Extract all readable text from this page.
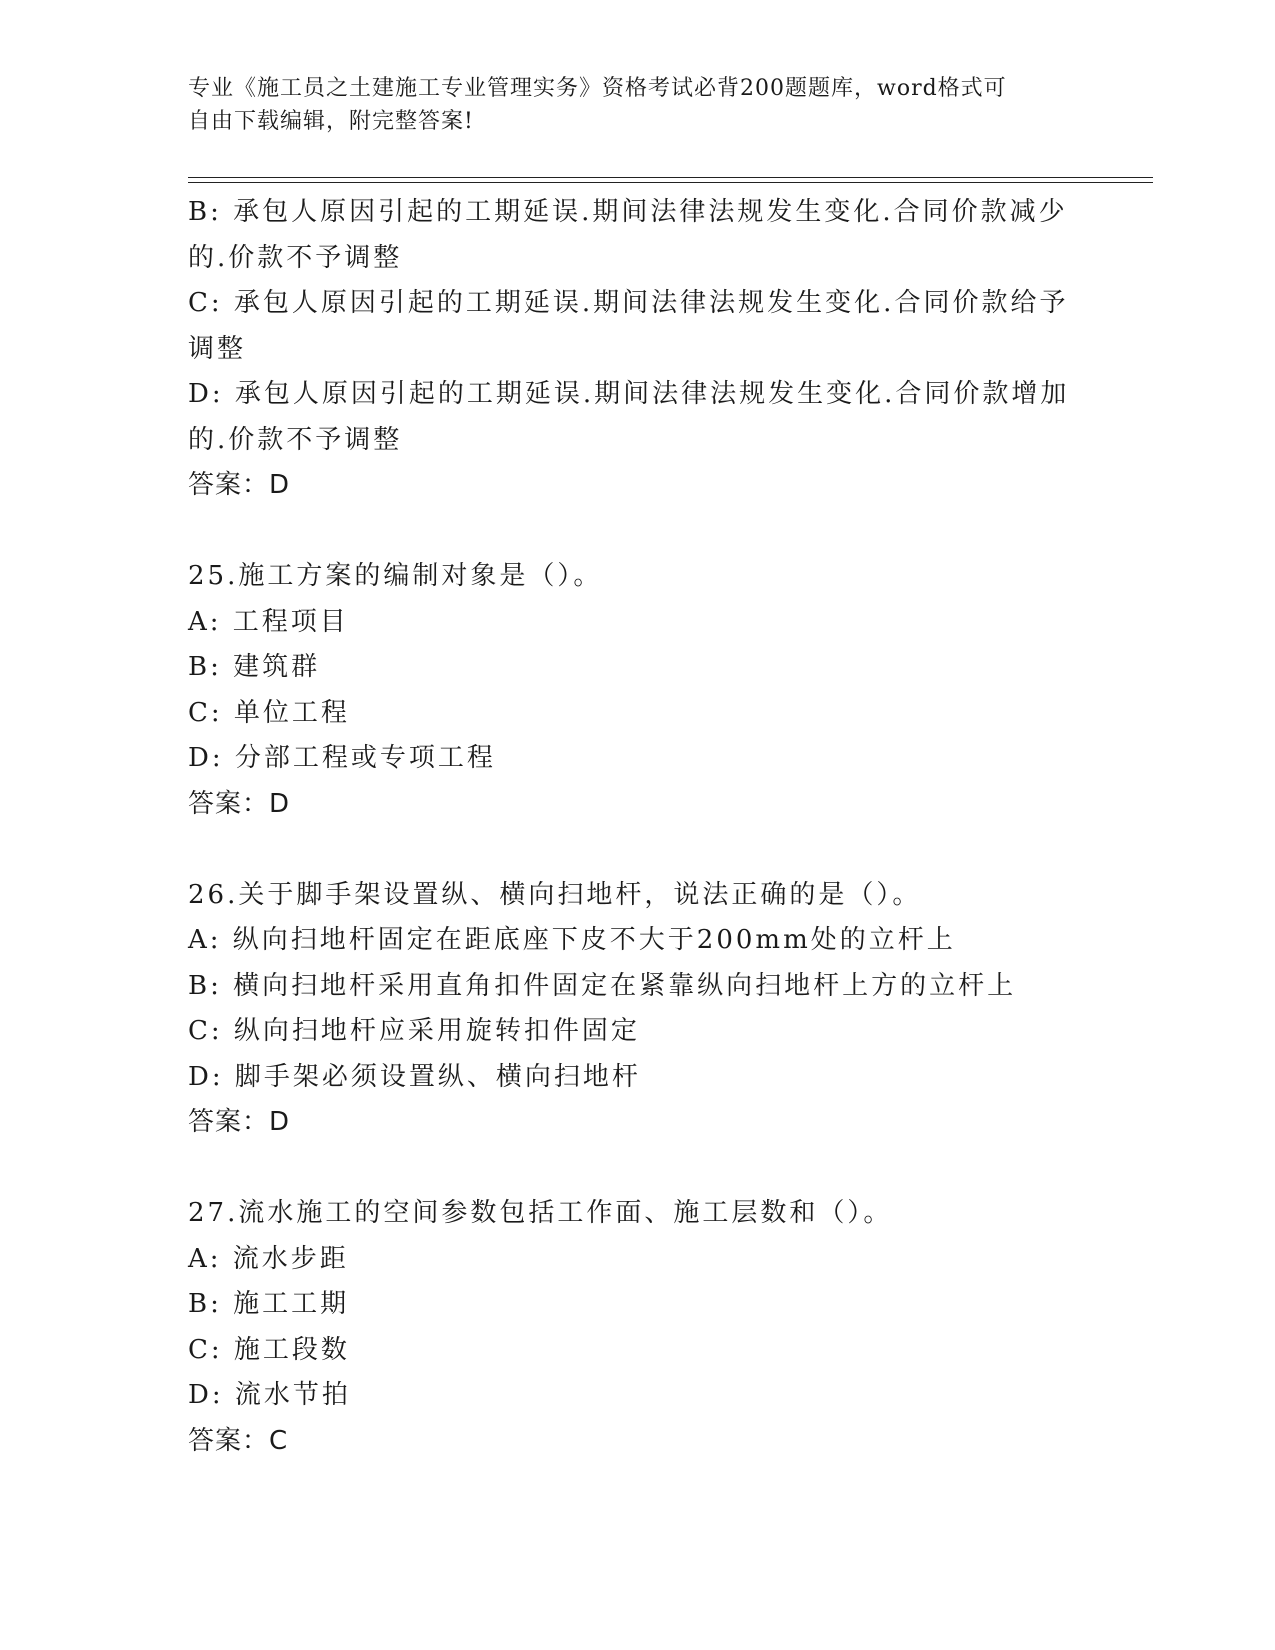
专业《施工员之土建施工专业管理实务》资格考试必背200题题库，word格式可
自由下载编辑，附完整答案!
B: 承包人原因引起的工期延误.期间法律法规发生变化.合同价款减少
的.价款不予调整
C: 承包人原因引起的工期延误.期间法律法规发生变化.合同价款给予
调整
D: 承包人原因引起的工期延误.期间法律法规发生变化.合同价款增加
的.价款不予调整
答案：D
25.施工方案的编制对象是（）。
A: 工程项目
B: 建筑群
C: 单位工程
D: 分部工程或专项工程
答案：D
26.关于脚手架设置纵、横向扫地杆，说法正确的是（）。
A: 纵向扫地杆固定在距底座下皮不大于200mm处的立杆上
B: 横向扫地杆采用直角扣件固定在紧靠纵向扫地杆上方的立杆上
C: 纵向扫地杆应采用旋转扣件固定
D: 脚手架必须设置纵、横向扫地杆
答案：D
27.流水施工的空间参数包括工作面、施工层数和（）。
A: 流水步距
B: 施工工期
C: 施工段数
D: 流水节拍
答案：C
